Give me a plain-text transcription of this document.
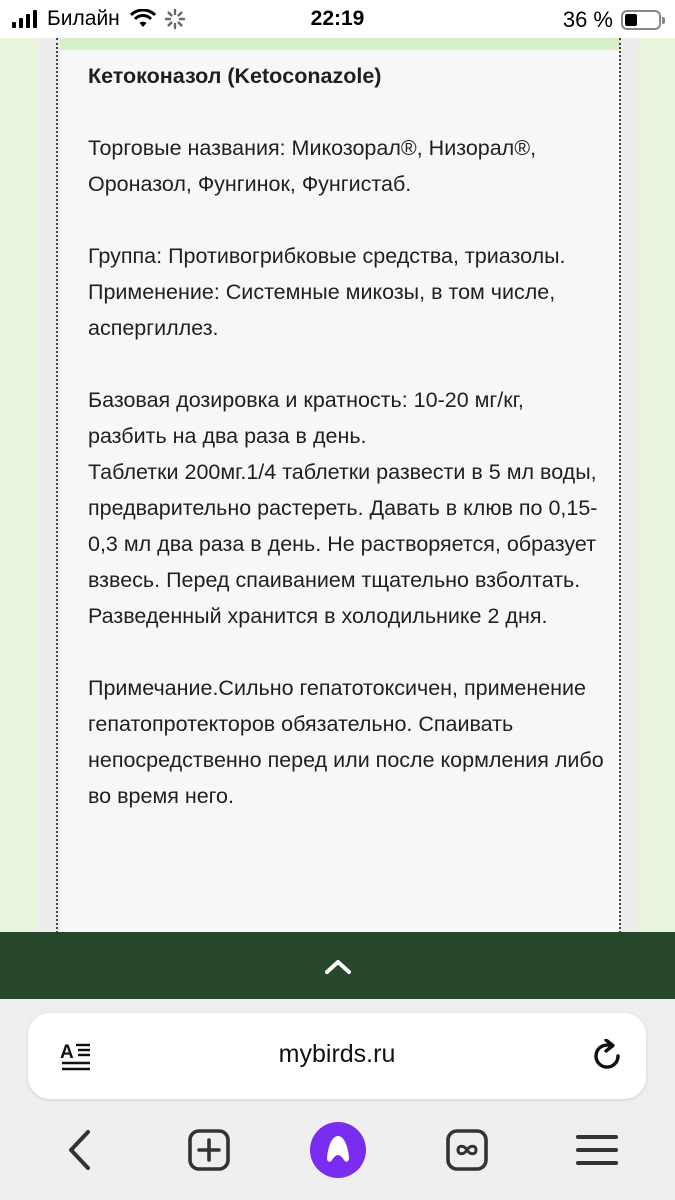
Билайн	22:19	36 %

Кетоконазол (Ketoconazole)

Торговые названия: Микозорал®, Низорал®, Ороназол, Фунгинок, Фунгистаб.

Группа: Противогрибковые средства, триазолы.

Применение: Системные микозы, в том числе, аспергиллез.

Базовая дозировка и кратность: 10-20 мг/кг, разбить на два раза в день.

Таблетки 200мг.1/4 таблетки развести в 5 мл воды, предварительно растереть. Давать в клюв по 0,15-0,3 мл два раза в день. Не растворяется, образует взвесь. Перед спаиванием тщательно взболтать. Разведенный хранится в холодильнике 2 дня.

Примечание.Сильно гепатотоксичен, применение гепатопротекторов обязательно. Спаивать непосредственно перед или после кормления либо во время него.

A	mybirds.ru
